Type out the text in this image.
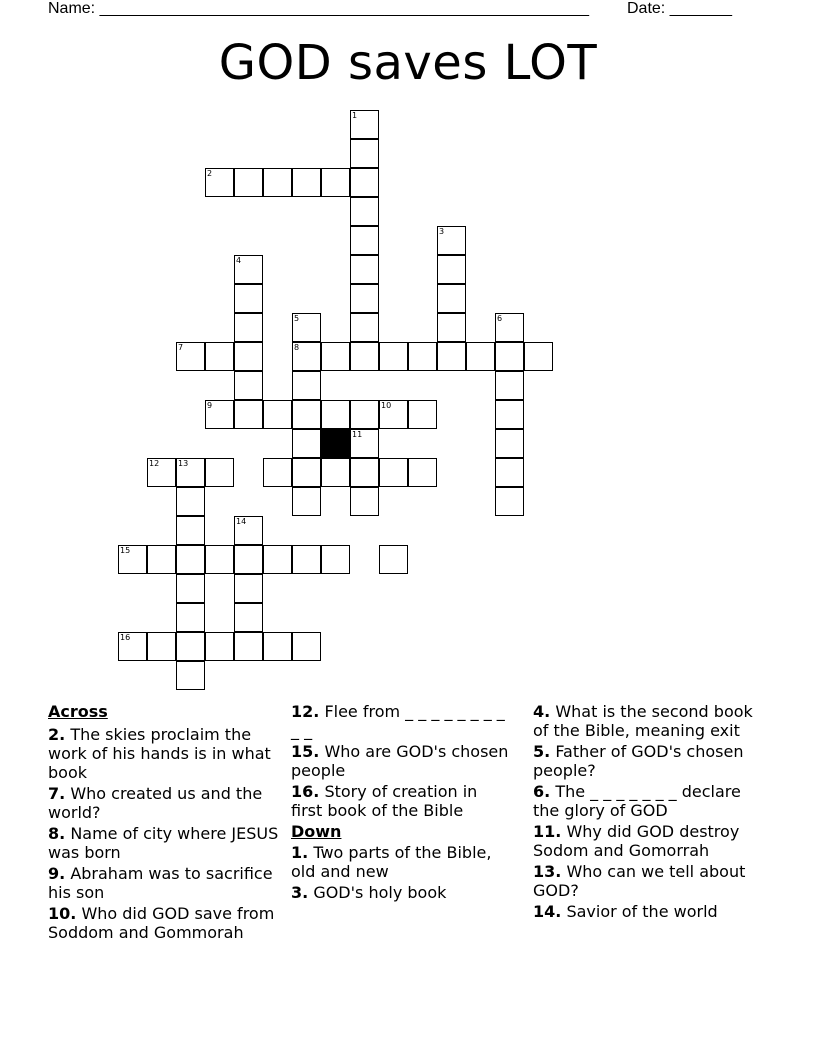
Name: _______________________________________________________ Date: _______
GOD saves LOT
1
2
3
4
5
8
6
7
9	10
11
12 13
14
15
16
Across
2. The skies proclaim the work of his hands is in what book
7. Who created us and the world?
8. Name of city where JESUS was born
9. Abraham was to sacrifice his son
10. Who did GOD save from Soddom and Gommorah
12. Flee from _ _ _ _ _ _ _ _ _ _
15. Who are GOD's chosen people
16. Story of creation in first book of the Bible
Down
1. Two parts of the Bible, old and new
3. GOD's holy book
4. What is the second book of the Bible, meaning exit
5. Father of GOD's chosen people?
6. The _ _ _ _ _ _ _ declare the glory of GOD
11. Why did GOD destroy Sodom and Gomorrah
13. Who can we tell about GOD?
14. Savior of the world
